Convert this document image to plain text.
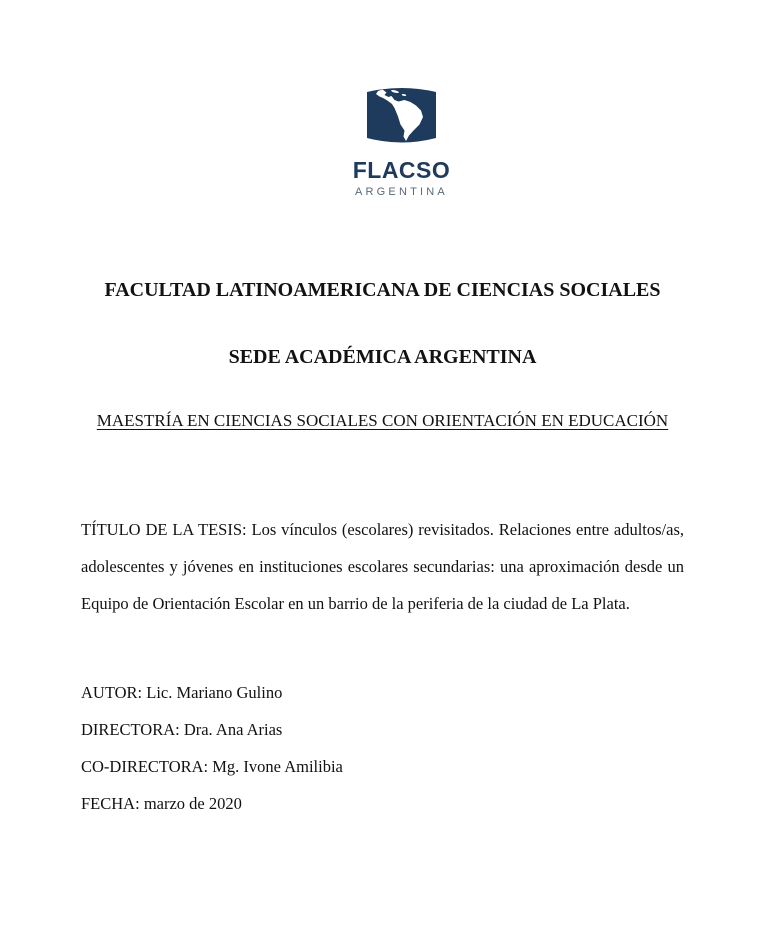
FLACSO
ARGENTINA
FACULTAD LATINOAMERICANA DE CIENCIAS SOCIALES
SEDE ACADÉMICA ARGENTINA
MAESTRÍA EN CIENCIAS SOCIALES CON ORIENTACIÓN EN EDUCACIÓN

TÍTULO DE LA TESIS: Los vínculos (escolares) revisitados. Relaciones entre adultos/as, adolescentes y jóvenes en instituciones escolares secundarias: una aproximación desde un Equipo de Orientación Escolar en un barrio de la periferia de la ciudad de La Plata.

AUTOR: Lic. Mariano Gulino
DIRECTORA: Dra. Ana Arias
CO-DIRECTORA: Mg. Ivone Amilibia
FECHA: marzo de 2020
